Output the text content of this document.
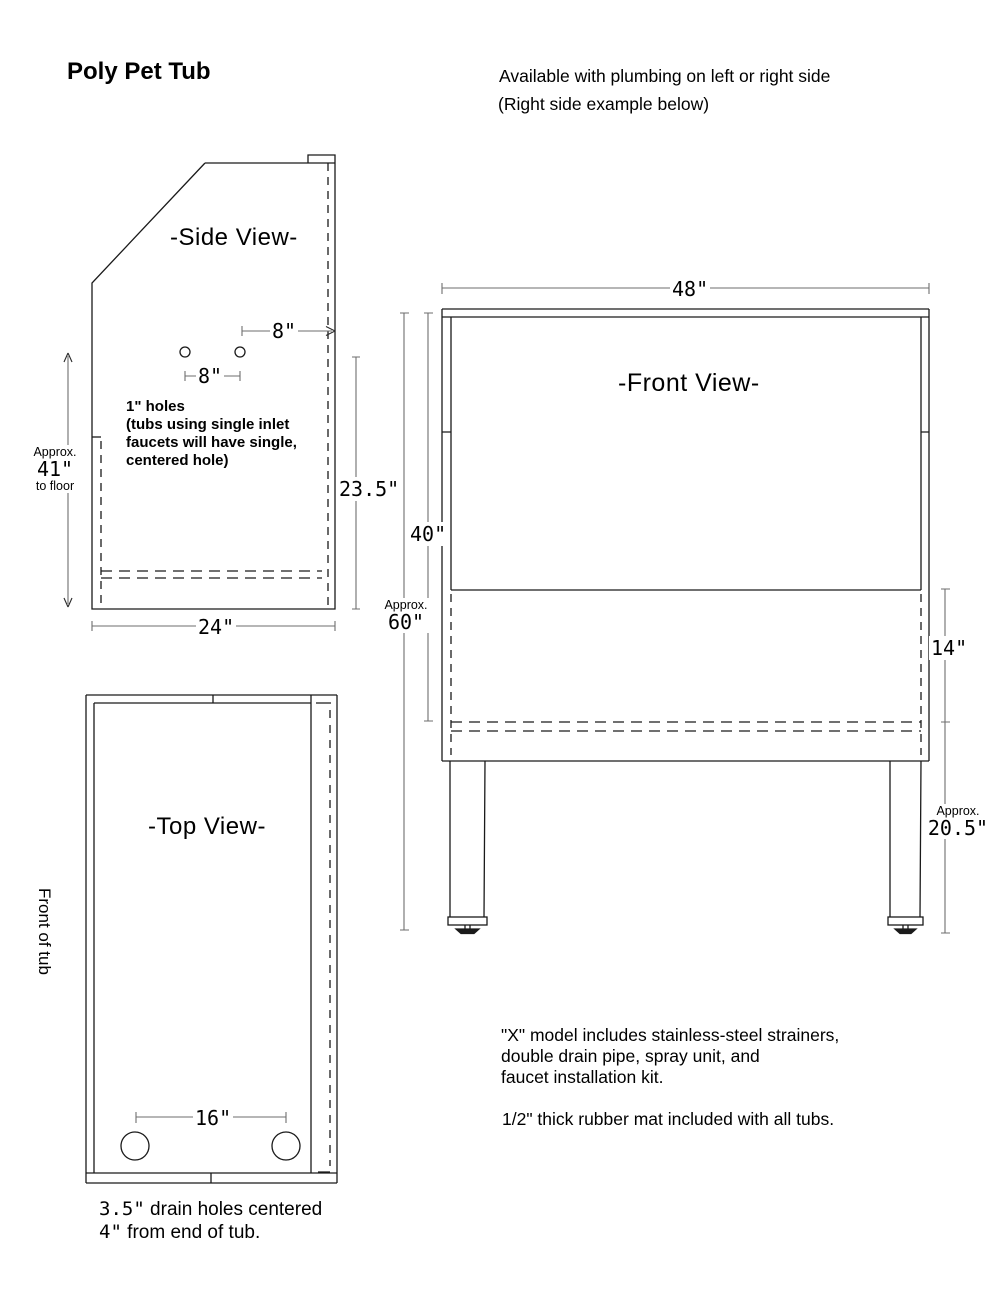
Poly Pet Tub	Available with plumbing on left or right side
(Right side example below)
-Side View-
8"
8"
1" holes
(tubs using single inlet
faucets will have single,
centered hole)
23.5"
24"
Approx.
41"
to floor
-Front View-
48"
Approx.
60"
40"
14"
Approx.
20.5"
-Top View-
Front of tub
16"
3.5" drain holes centered
4" from end of tub.
"X" model includes stainless-steel strainers,
double drain pipe, spray unit, and
faucet installation kit.
1/2" thick rubber mat included with all tubs.
